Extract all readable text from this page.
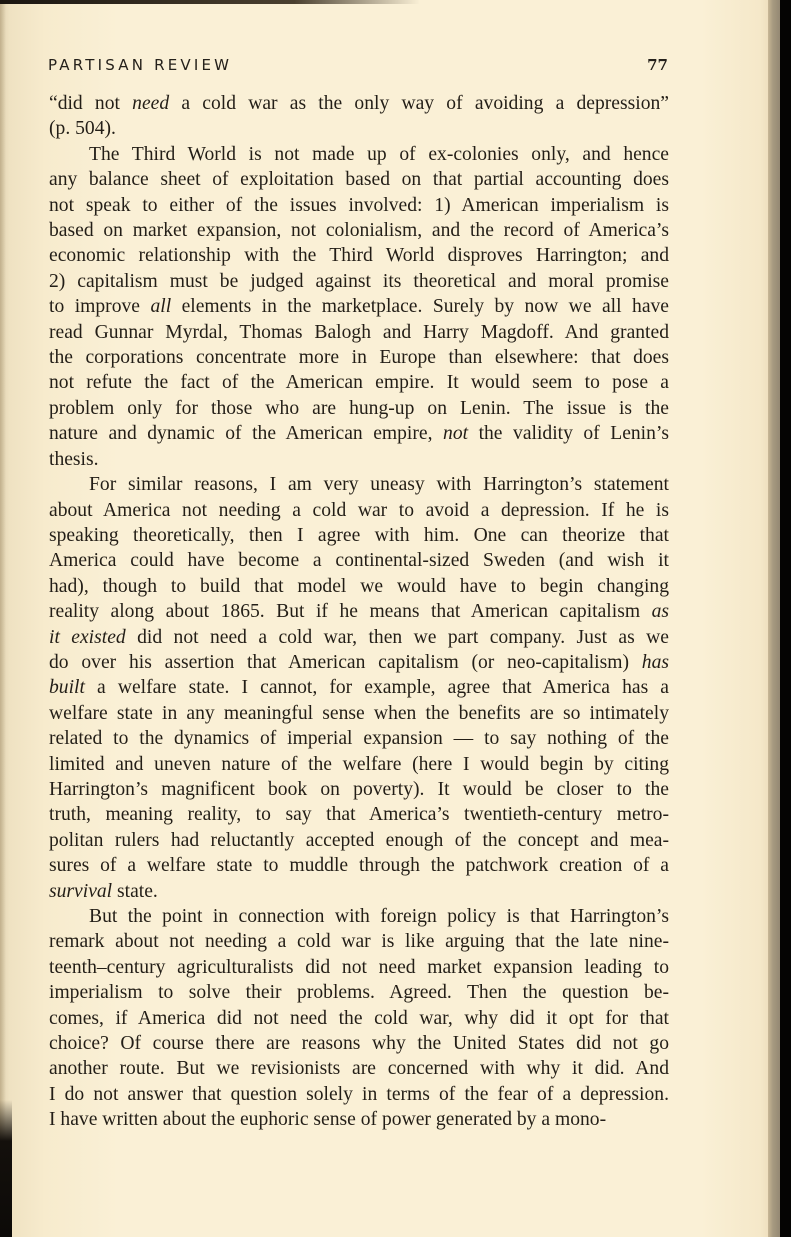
PARTISAN REVIEW	77
“did not need a cold war as the only way of avoiding a depression”
(p. 504).
The Third World is not made up of ex-colonies only, and hence
any balance sheet of exploitation based on that partial accounting does
not speak to either of the issues involved: 1) American imperialism is
based on market expansion, not colonialism, and the record of America’s
economic relationship with the Third World disproves Harrington; and
2) capitalism must be judged against its theoretical and moral promise
to improve all elements in the marketplace. Surely by now we all have
read Gunnar Myrdal, Thomas Balogh and Harry Magdoff. And granted
the corporations concentrate more in Europe than elsewhere: that does
not refute the fact of the American empire. It would seem to pose a
problem only for those who are hung-up on Lenin. The issue is the
nature and dynamic of the American empire, not the validity of Lenin’s
thesis.
For similar reasons, I am very uneasy with Harrington’s statement
about America not needing a cold war to avoid a depression. If he is
speaking theoretically, then I agree with him. One can theorize that
America could have become a continental-sized Sweden (and wish it
had), though to build that model we would have to begin changing
reality along about 1865. But if he means that American capitalism as
it existed did not need a cold war, then we part company. Just as we
do over his assertion that American capitalism (or neo-capitalism) has
built a welfare state. I cannot, for example, agree that America has a
welfare state in any meaningful sense when the benefits are so intimately
related to the dynamics of imperial expansion — to say nothing of the
limited and uneven nature of the welfare (here I would begin by citing
Harrington’s magnificent book on poverty). It would be closer to the
truth, meaning reality, to say that America’s twentieth-century metro-
politan rulers had reluctantly accepted enough of the concept and mea-
sures of a welfare state to muddle through the patchwork creation of a
survival state.
But the point in connection with foreign policy is that Harrington’s
remark about not needing a cold war is like arguing that the late nine-
teenth–century agriculturalists did not need market expansion leading to
imperialism to solve their problems. Agreed. Then the question be-
comes, if America did not need the cold war, why did it opt for that
choice? Of course there are reasons why the United States did not go
another route. But we revisionists are concerned with why it did. And
I do not answer that question solely in terms of the fear of a depression.
I have written about the euphoric sense of power generated by a mono-
